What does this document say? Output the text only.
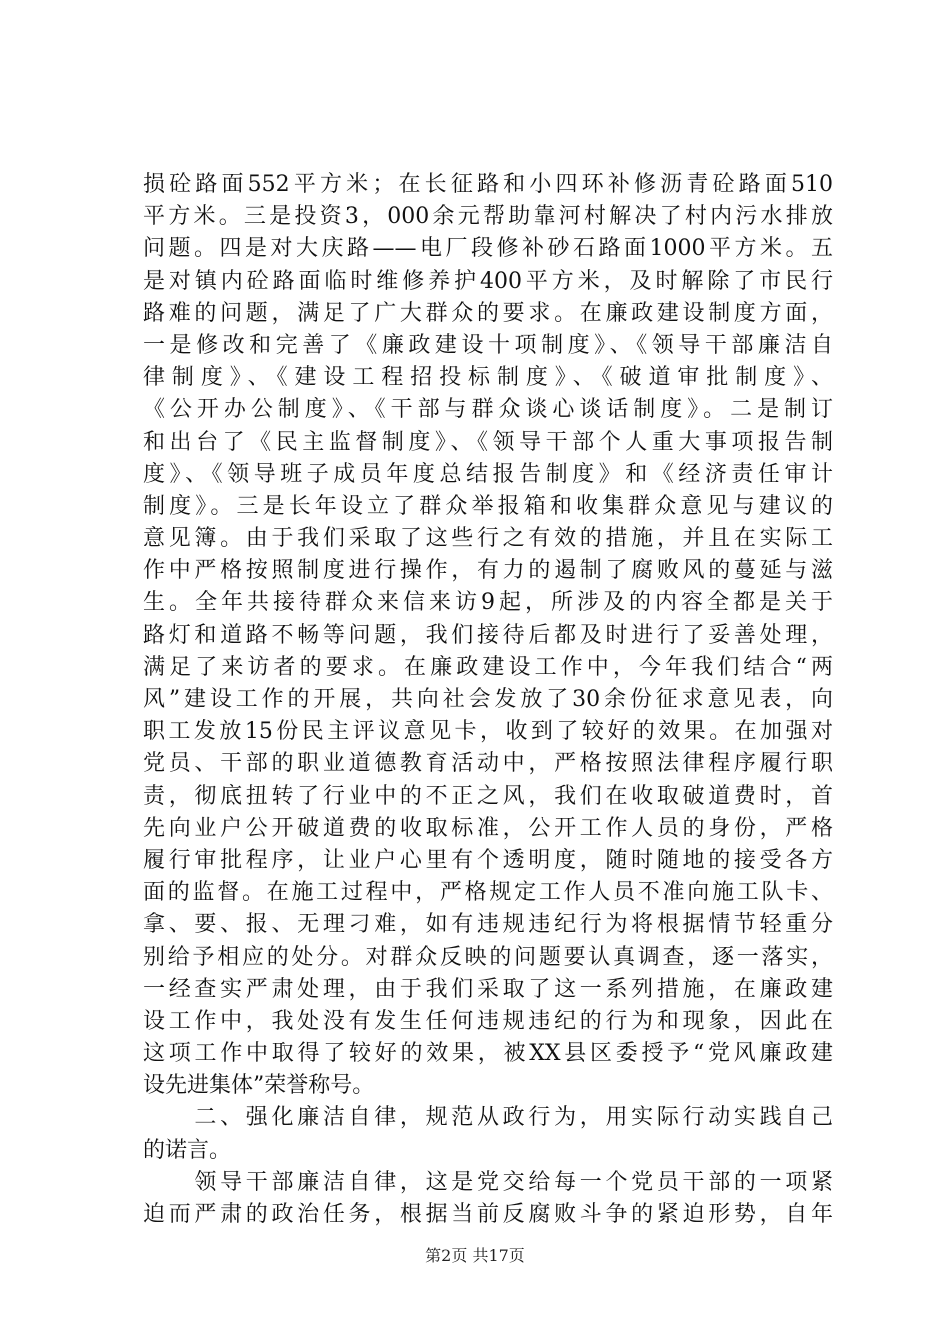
损砼路面552平方米；在长征路和小四环补修沥青砼路面510
平方米。三是投资3，000余元帮助靠河村解决了村内污水排放
问题。四是对大庆路——电厂段修补砂石路面1000平方米。五
是对镇内砼路面临时维修养护400平方米，及时解除了市民行
路难的问题，满足了广大群众的要求。在廉政建设制度方面，
一是修改和完善了《廉政建设十项制度》、《领导干部廉洁自
律制度》、《建设工程招投标制度》、《破道审批制度》、
《公开办公制度》、《干部与群众谈心谈话制度》。二是制订
和出台了《民主监督制度》、《领导干部个人重大事项报告制
度》、《领导班子成员年度总结报告制度》和《经济责任审计
制度》。三是长年设立了群众举报箱和收集群众意见与建议的
意见簿。由于我们采取了这些行之有效的措施，并且在实际工
作中严格按照制度进行操作，有力的遏制了腐败风的蔓延与滋
生。全年共接待群众来信来访9起，所涉及的内容全都是关于
路灯和道路不畅等问题，我们接待后都及时进行了妥善处理，
满足了来访者的要求。在廉政建设工作中，今年我们结合“两
风”建设工作的开展，共向社会发放了30余份征求意见表，向
职工发放15份民主评议意见卡，收到了较好的效果。在加强对
党员、干部的职业道德教育活动中，严格按照法律程序履行职
责，彻底扭转了行业中的不正之风，我们在收取破道费时，首
先向业户公开破道费的收取标准，公开工作人员的身份，严格
履行审批程序，让业户心里有个透明度，随时随地的接受各方
面的监督。在施工过程中，严格规定工作人员不准向施工队卡、
拿、要、报、无理刁难，如有违规违纪行为将根据情节轻重分
别给予相应的处分。对群众反映的问题要认真调查，逐一落实，
一经查实严肃处理，由于我们采取了这一系列措施，在廉政建
设工作中，我处没有发生任何违规违纪的行为和现象，因此在
这项工作中取得了较好的效果，被XX县区委授予“党风廉政建
设先进集体”荣誉称号。
　　二、强化廉洁自律，规范从政行为，用实际行动实践自己
的诺言。
　　领导干部廉洁自律，这是党交给每一个党员干部的一项紧
迫而严肃的政治任务，根据当前反腐败斗争的紧迫形势，自年
第2页 共17页
